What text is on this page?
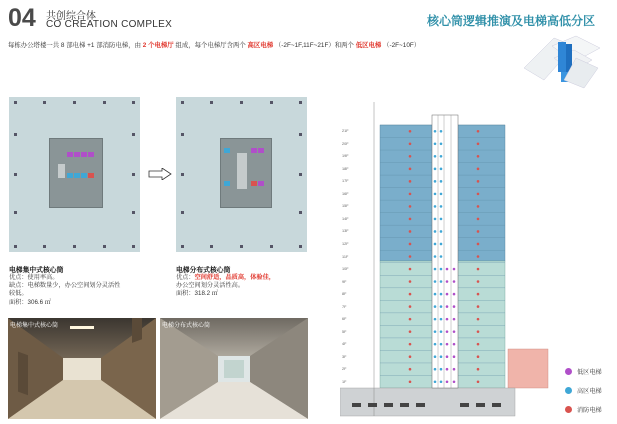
04 共创综合体
CO CREATION COMPLEX	核心筒逻辑推演及电梯高低分区
每栋办公塔楼一共 8 部电梯 +1 部消防电梯，由 2 个电梯厅 组成，每个电梯厅含两个 高区电梯 （-2F~1F,11F~21F）和两个 低区电梯 （-2F~10F）
电梯集中式核心筒
优点：使用率高。
缺点：电梯数量少，办公空间划分灵活性
较低。
面积：306.6 ㎡
电梯分布式核心筒
优点：空间舒适，品质高，体验佳，
办公空间划分灵活性高。
面积：318.2 ㎡
电梯集中式核心筒	电梯分布式核心筒
21F
20F
19F
18F
17F
16F
15F
14F
13F
12F
11F
10F
9F
8F
7F
6F
5F
4F
3F
2F
1F
低区电梯
高区电梯
消防电梯
